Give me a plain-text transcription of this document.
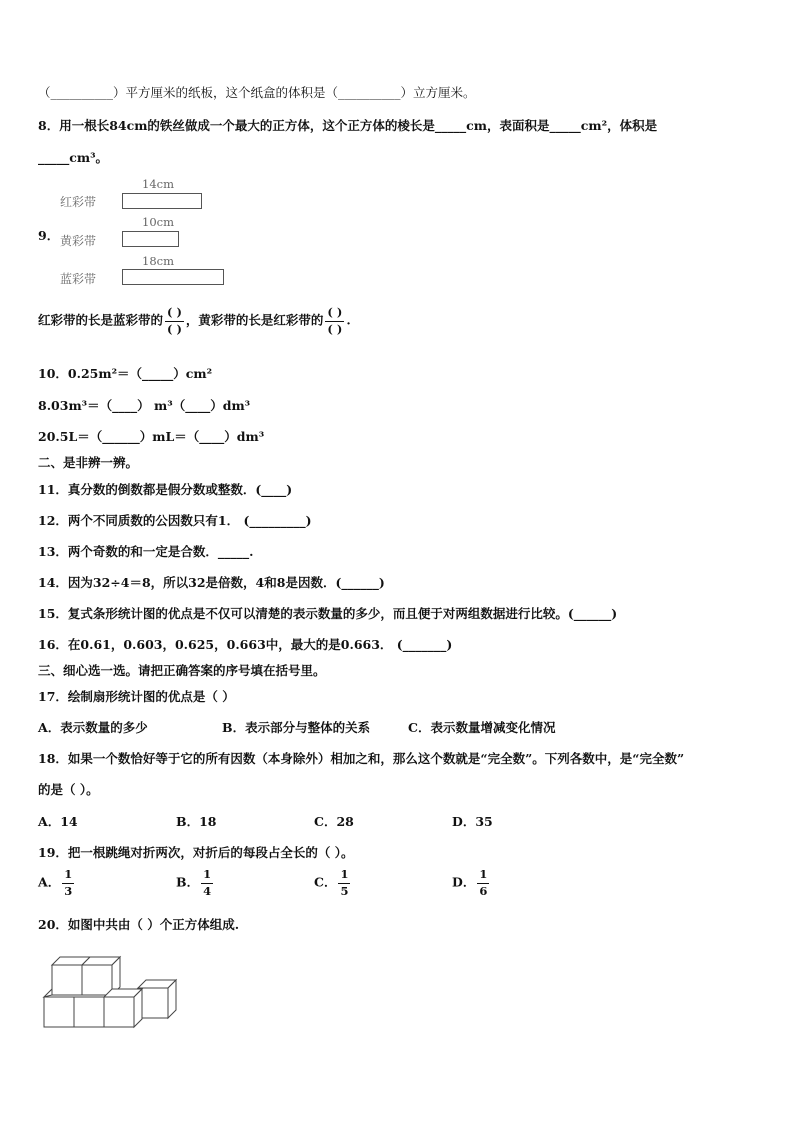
（__________）平方厘米的纸板，这个纸盒的体积是（__________）立方厘米。
8．用一根长84cm的铁丝做成一个最大的正方体，这个正方体的棱长是_____cm，表面积是_____cm²，体积是
_____cm³。
9．
14cm
红彩带
10cm
黄彩带
18cm
蓝彩带
红彩带的长是蓝彩带的 $\frac{( )}{( )}$ ，黄彩带的长是红彩带的 $\frac{( )}{( )}$ .
10．0.25m²＝（_____）cm²
8.03m³＝（____） m³（____）dm³
20.5L＝（______）mL＝（____）dm³
二、是非辨一辨。
11．真分数的倒数都是假分数或整数．(____)
12．两个不同质数的公因数只有1． (_________)
13．两个奇数的和一定是合数．_____.
14．因为32÷4＝8，所以32是倍数，4和8是因数．(______)
15．复式条形统计图的优点是不仅可以清楚的表示数量的多少，而且便于对两组数据进行比较。(______)
16．在0.61，0.603，0.625，0.663中，最大的是0.663． (_______)
三、细心选一选。请把正确答案的序号填在括号里。
17．绘制扇形统计图的优点是（ ）
A．表示数量的多少	B．表示部分与整体的关系	C．表示数量增减变化情况
18．如果一个数恰好等于它的所有因数（本身除外）相加之和，那么这个数就是“完全数”。下列各数中，是“完全数”
的是（ ）。
A．14	B．18	C．28	D．35
19．把一根跳绳对折两次，对折后的每段占全长的（ ）。
A． $\frac{1}{3}$	B． $\frac{1}{4}$	C． $\frac{1}{5}$	D． $\frac{1}{6}$
20．如图中共由（ ）个正方体组成.
